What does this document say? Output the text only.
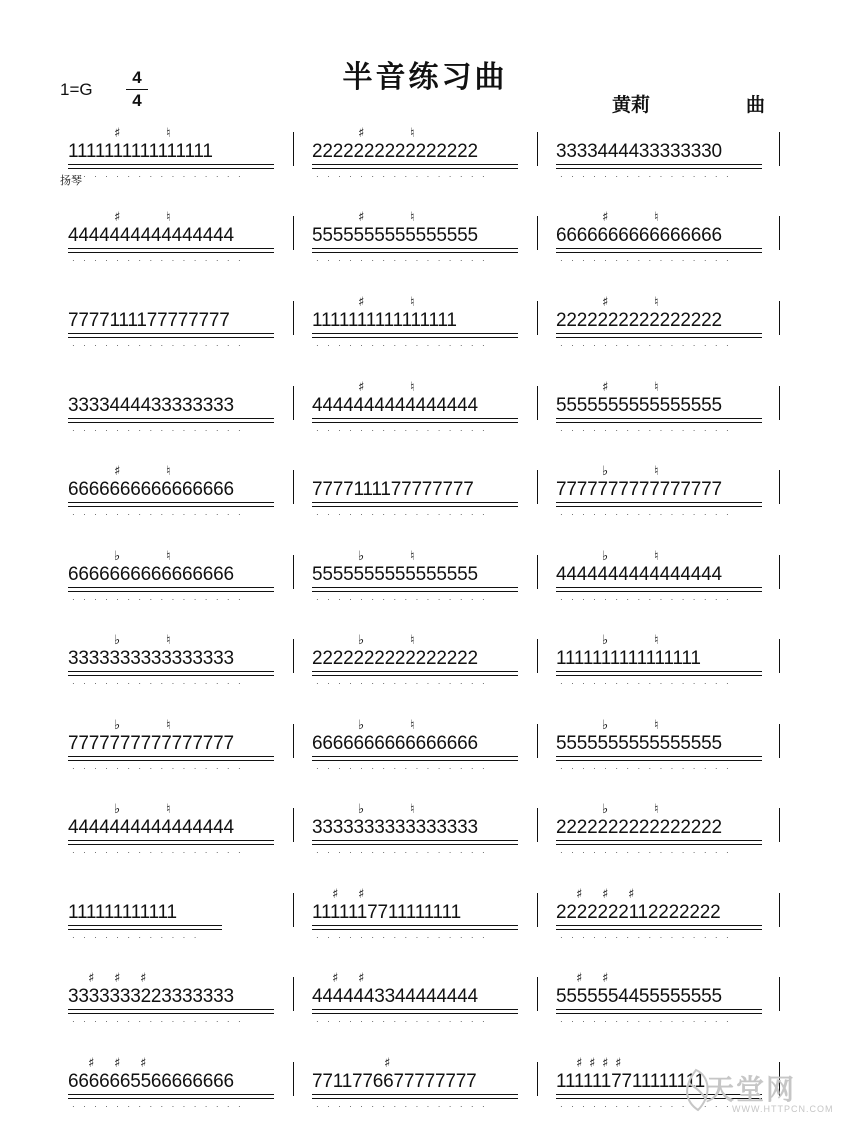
半音练习曲
1=G
4
4	黄莉	曲
扬琴
1111111111111111
················
♯	♮
2222222222222222
················
♯	♮
3333444433333330
················
4444444444444444
················
♯	♮
5555555555555555
················
♯	♮
6666666666666666
················
♯	♮
7777111177777777
················
1111111111111111
················
♯	♮
2222222222222222
················
♯	♮
3333444433333333
················
4444444444444444
················
♯	♮
5555555555555555
················
♯	♮
6666666666666666
················
♯	♮
7777111177777777
················
7777777777777777
················
♭	♮
6666666666666666
················
♭	♮
5555555555555555
················
♭	♮
4444444444444444
················
♭	♮
3333333333333333
················
♭	♮
2222222222222222
················
♭	♮
1111111111111111
················
♭	♮
7777777777777777
················
♭	♮
6666666666666666
················
♭	♮
5555555555555555
················
♭	♮
4444444444444444
················
♭	♮
3333333333333333
················
♭	♮
2222222222222222
················
♭	♮
111111111111
············
1111117711111111
················
♯ ♯
2222222112222222
················
♯ ♯ ♯
3333333223333333
················
♯ ♯ ♯
4444443344444444
················
♯ ♯
5555554455555555
················
♯ ♯
6666665566666666
················
♯ ♯ ♯
7711776677777777
················
♯
1111117711111111
················
♯ ♯ ♯ ♯
天堂网
WWW.HTTPCN.COM
